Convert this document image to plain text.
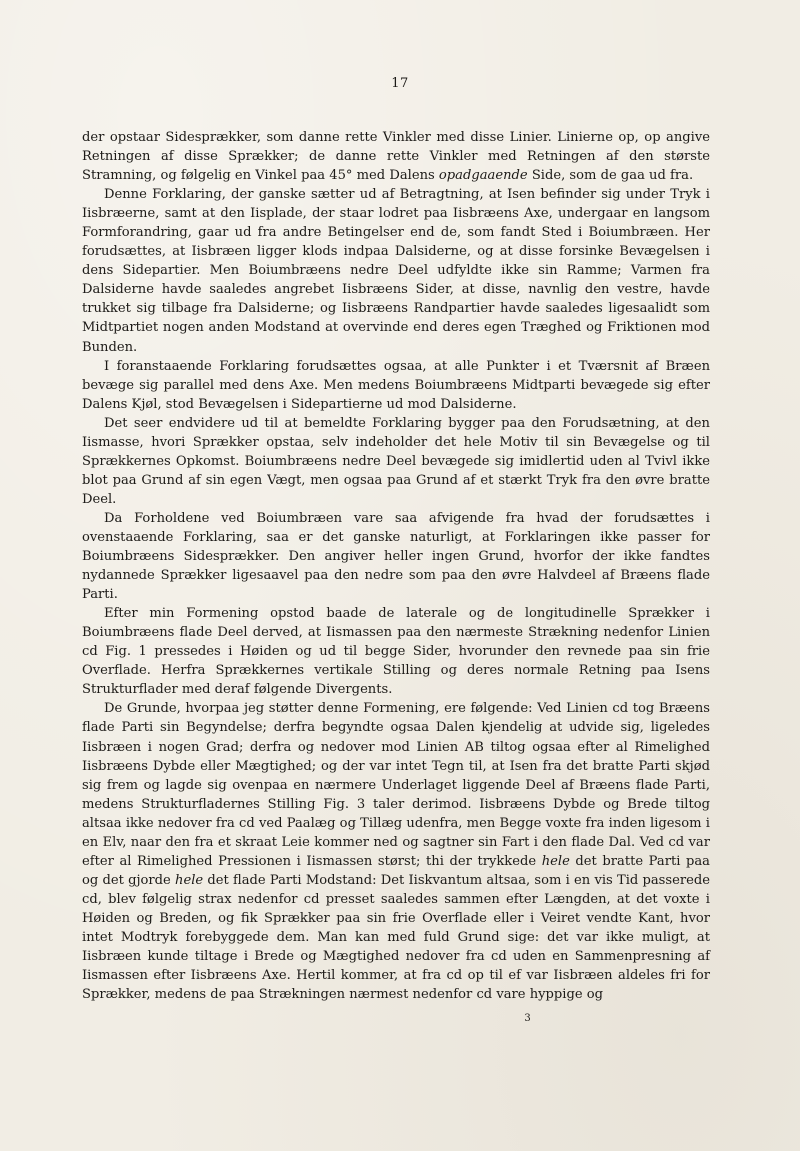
17

der opstaar Sidesprækker, som danne rette Vinkler med disse Linier. Linierne op, op angive Retningen af disse Sprækker; de danne rette Vinkler med Retningen af den største Stramning, og følgelig en Vinkel paa 45° med Dalens opadgaaende Side, som de gaa ud fra.

Denne Forklaring, der ganske sætter ud af Betragtning, at Isen befinder sig under Tryk i Iisbræerne, samt at den Iisplade, der staar lodret paa Iisbræens Axe, undergaar en langsom Formforandring, gaar ud fra andre Betingelser end de, som fandt Sted i Boiumbræen. Her forudsættes, at Iisbræen ligger klods indpaa Dalsiderne, og at disse forsinke Bevægelsen i dens Sidepartier. Men Boiumbræens nedre Deel udfyldte ikke sin Ramme; Varmen fra Dalsiderne havde saaledes angrebet Iisbræens Sider, at disse, navnlig den vestre, havde trukket sig tilbage fra Dalsiderne; og Iisbræens Randpartier havde saaledes ligesaalidt som Midtpartiet nogen anden Modstand at overvinde end deres egen Træghed og Friktionen mod Bunden.

I foranstaaende Forklaring forudsættes ogsaa, at alle Punkter i et Tværsnit af Bræen bevæge sig parallel med dens Axe. Men medens Boiumbræens Midtparti bevægede sig efter Dalens Kjøl, stod Bevægelsen i Sidepartierne ud mod Dalsiderne.

Det seer endvidere ud til at bemeldte Forklaring bygger paa den Forudsætning, at den Iismasse, hvori Sprækker opstaa, selv indeholder det hele Motiv til sin Bevægelse og til Sprækkernes Opkomst. Boiumbræens nedre Deel bevægede sig imidlertid uden al Tvivl ikke blot paa Grund af sin egen Vægt, men ogsaa paa Grund af et stærkt Tryk fra den øvre bratte Deel.

Da Forholdene ved Boiumbræen vare saa afvigende fra hvad der forudsættes i ovenstaaende Forklaring, saa er det ganske naturligt, at Forklaringen ikke passer for Boiumbræens Sidesprækker. Den angiver heller ingen Grund, hvorfor der ikke fandtes nydannede Sprækker ligesaavel paa den nedre som paa den øvre Halvdeel af Bræens flade Parti.

Efter min Formening opstod baade de laterale og de longitudinelle Sprækker i Boiumbræens flade Deel derved, at Iismassen paa den nærmeste Strækning nedenfor Linien cd Fig. 1 pressedes i Høiden og ud til begge Sider, hvorunder den revnede paa sin frie Overflade. Herfra Sprækkernes vertikale Stilling og deres normale Retning paa Isens Strukturflader med deraf følgende Divergents.

De Grunde, hvorpaa jeg støtter denne Formening, ere følgende: Ved Linien cd tog Bræens flade Parti sin Begyndelse; derfra begyndte ogsaa Dalen kjendelig at udvide sig, ligeledes Iisbræen i nogen Grad; derfra og nedover mod Linien AB tiltog ogsaa efter al Rimelighed Iisbræens Dybde eller Mægtighed; og der var intet Tegn til, at Isen fra det bratte Parti skjød sig frem og lagde sig ovenpaa en nærmere Underlaget liggende Deel af Bræens flade Parti, medens Strukturfladernes Stilling Fig. 3 taler derimod. Iisbræens Dybde og Brede tiltog altsaa ikke nedover fra cd ved Paalæg og Tillæg udenfra, men Begge voxte fra inden ligesom i en Elv, naar den fra et skraat Leie kommer ned og sagtner sin Fart i den flade Dal. Ved cd var efter al Rimelighed Pressionen i Iismassen størst; thi der trykkede hele det bratte Parti paa og det gjorde hele det flade Parti Modstand: Det Iiskvantum altsaa, som i en vis Tid passerede cd, blev følgelig strax nedenfor cd presset saaledes sammen efter Længden, at det voxte i Høiden og Breden, og fik Sprækker paa sin frie Overflade eller i Veiret vendte Kant, hvor intet Modtryk forebyggede dem. Man kan med fuld Grund sige: det var ikke muligt, at Iisbræen kunde tiltage i Brede og Mægtighed nedover fra cd uden en Sammenpresning af Iismassen efter Iisbræens Axe. Hertil kommer, at fra cd op til ef var Iisbræen aldeles fri for Sprækker, medens de paa Strækningen nærmest nedenfor cd vare hyppige og

3
